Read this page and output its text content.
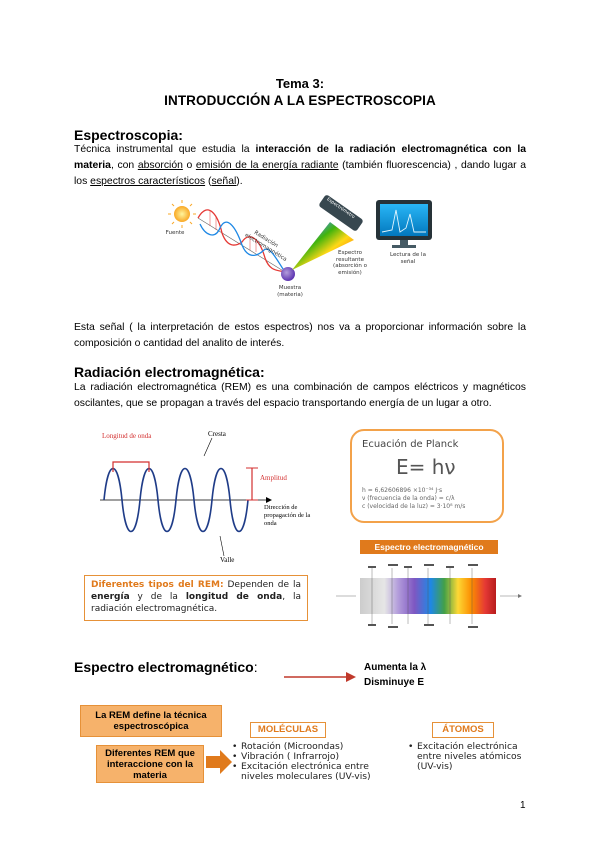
Tema 3:
INTRODUCCIÓN A LA ESPECTROSCOPIA
Espectroscopia:
Técnica instrumental que estudia la interacción de la radiación electromagnética con la materia, con absorción o emisión de la energía radiante (también fluorescencia) , dando lugar a los espectros característicos (señal).
Fuente	Radiación electromagnética
Muestra (materia)
Espectro resultante (absorción o emisión)
Lectura de la señal
Espectrómetro
Esta señal ( la interpretación de estos espectros) nos va a proporcionar información sobre la composición o cantidad del analito de interés.
Radiación electromagnética:
La radiación electromagnética (REM) es una combinación de campos eléctricos y magnéticos oscilantes, que se propagan a través del espacio transportando energía de un lugar a otro.
Longitud de onda	Cresta
Amplitud
Dirección de propagación de la onda
Valle
Diferentes tipos del REM: Dependen de la energía y de la longitud de onda, la radiación electromagnética.
Ecuación de Planck
E= hν
h = 6,62606896 ×10⁻³⁴ J·s
ν (frecuencia de la onda) = c/λ
c (velocidad de la luz) = 3·10⁸ m/s
Espectro electromagnético
Espectro electromagnético:	Aumenta la λ
Disminuye E
La REM define la técnica espectroscópica
Diferentes REM que interaccione con la materia
MOLÉCULAS	ÁTOMOS
• Rotación (Microondas)
• Vibración ( Infrarrojo)
• Excitación electrónica entre niveles moleculares (UV-vis)
• Excitación electrónica entre niveles atómicos (UV-vis)
1
